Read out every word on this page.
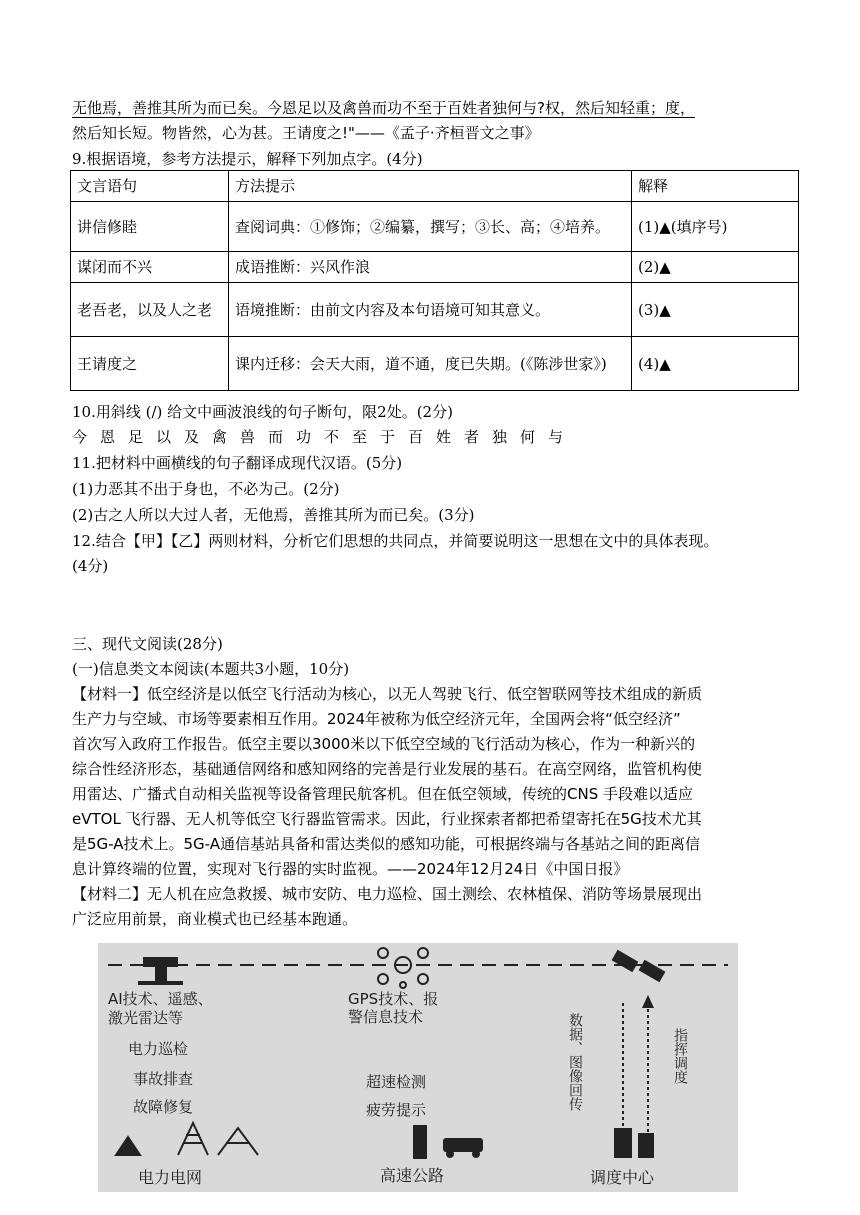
无他焉，善推其所为而已矣。今恩足以及禽兽而功不至于百姓者独何与?权，然后知轻重；度，
然后知长短。物皆然，心为甚。王请度之!"——《孟子·齐桓晋文之事》
9.根据语境，参考方法提示，解释下列加点字。(4分)
文言语句	方法提示	解释
讲信修睦	查阅词典：①修饰；②编纂，撰写；③长、高；④培养。	(1)▲(填序号)
谋闭而不兴	成语推断：兴风作浪	(2)▲
老吾老，以及人之老	语境推断：由前文内容及本句语境可知其意义。	(3)▲
王请度之	课内迁移：会天大雨，道不通，度已失期。(《陈涉世家》)	(4)▲
10.用斜线 (/) 给文中画波浪线的句子断句，限2处。(2分)
今恩足以及禽兽而功不至于百姓者独何与
11.把材料中画横线的句子翻译成现代汉语。(5分)
(1)力恶其不出于身也，不必为己。(2分)
(2)古之人所以大过人者，无他焉，善推其所为而已矣。(3分)
12.结合【甲】【乙】两则材料，分析它们思想的共同点，并简要说明这一思想在文中的具体表现。
(4分)
三、现代文阅读(28分)
(一)信息类文本阅读(本题共3小题，10分)
【材料一】低空经济是以低空飞行活动为核心，以无人驾驶飞行、低空智联网等技术组成的新质
生产力与空域、市场等要素相互作用。2024年被称为低空经济元年，全国两会将“低空经济”
首次写入政府工作报告。低空主要以3000米以下低空空域的飞行活动为核心，作为一种新兴的
综合性经济形态，基础通信网络和感知网络的完善是行业发展的基石。在高空网络，监管机构使
用雷达、广播式自动相关监视等设备管理民航客机。但在低空领域，传统的CNS 手段难以适应
eVTOL 飞行器、无人机等低空飞行器监管需求。因此，行业探索者都把希望寄托在5G技术尤其
是5G-A技术上。5G-A通信基站具备和雷达类似的感知功能，可根据终端与各基站之间的距离信
息计算终端的位置，实现对飞行器的实时监视。——2024年12月24日《中国日报》
【材料二】无人机在应急救援、城市安防、电力巡检、国土测绘、农林植保、消防等场景展现出
广泛应用前景，商业模式也已经基本跑通。
AI技术、遥感、
激光雷达等
电力巡检
事故排查
故障修复
电力电网
GPS技术、报
警信息技术
超速检测
疲劳提示
高速公路
数据、图像回传	指挥调度
调度中心
